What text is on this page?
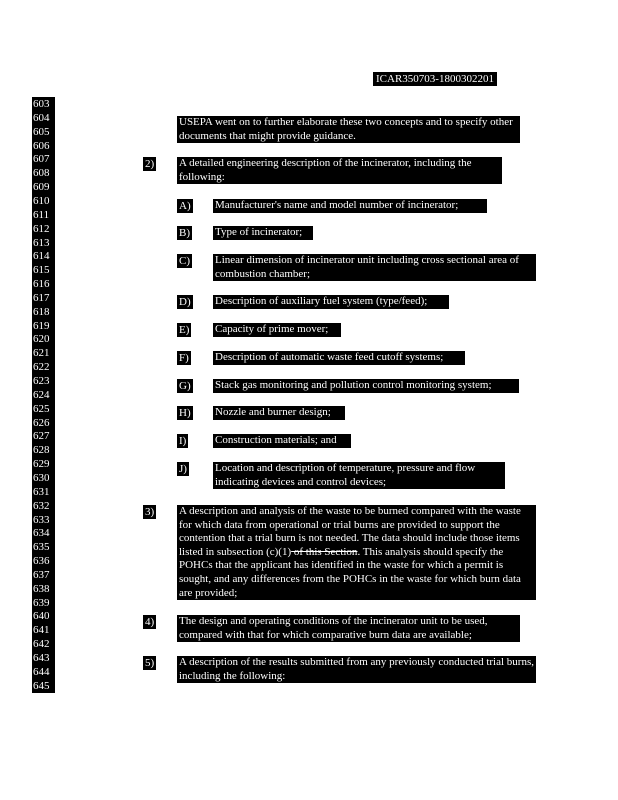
ICAR350703-1800302201
603
604
605
606
607
608
609
610
611
612
613
614
615
616
617
618
619
620
621
622
623
624
625
626
627
628
629
630
631
632
633
634
635
636
637
638
639
640
641
642
643
644
645
USEPA went on to further elaborate these two concepts and to specify other documents that might provide guidance.
2) A detailed engineering description of the incinerator, including the following:
A) Manufacturer's name and model number of incinerator;
B) Type of incinerator;
C) Linear dimension of incinerator unit including cross sectional area of combustion chamber;
D) Description of auxiliary fuel system (type/feed);
E) Capacity of prime mover;
F) Description of automatic waste feed cutoff systems;
G) Stack gas monitoring and pollution control monitoring system;
H) Nozzle and burner design;
I)	Construction materials; and
J)	Location and description of temperature, pressure and flow indicating devices and control devices;
3) A description and analysis of the waste to be burned compared with the waste for which data from operational or trial burns are provided to support the contention that a trial burn is not needed. The data should include those items listed in subsection (c)(1) of this Section. This analysis should specify the POHCs that the applicant has identified in the waste for which a permit is sought, and any differences from the POHCs in the waste for which burn data are provided;
4) The design and operating conditions of the incinerator unit to be used, compared with that for which comparative burn data are available;
5) A description of the results submitted from any previously conducted trial burns, including the following:
